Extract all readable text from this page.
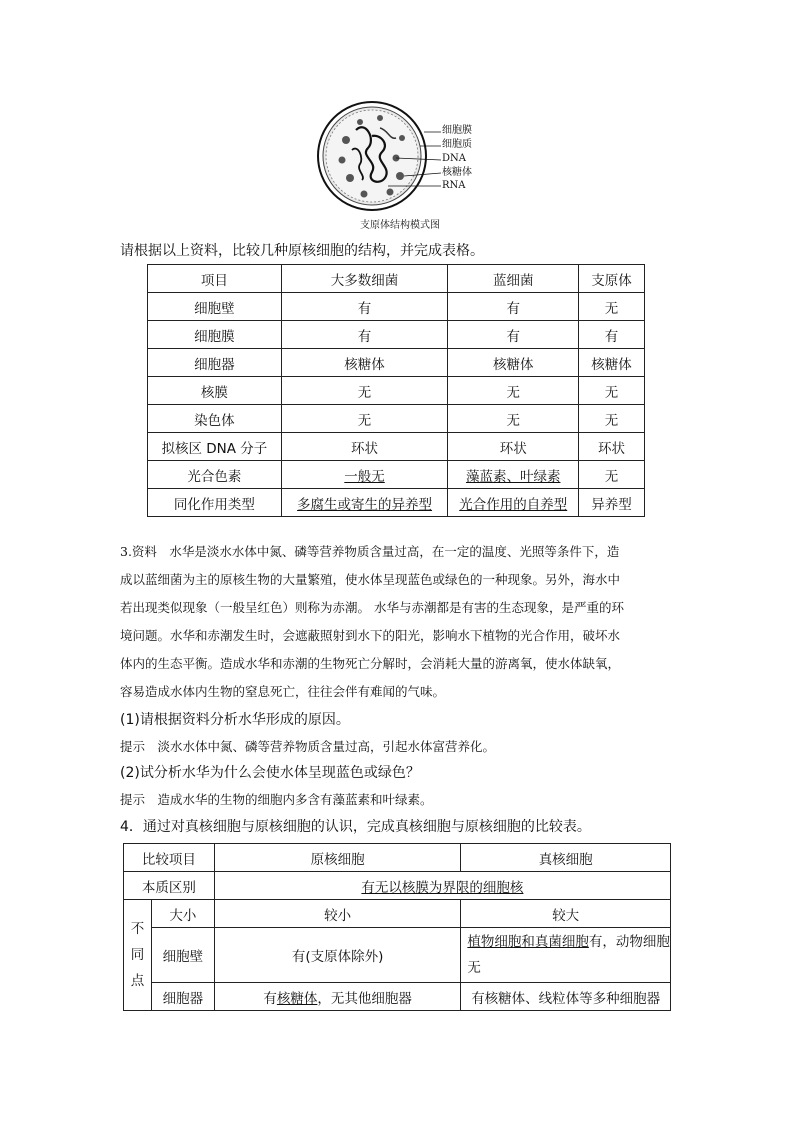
细胞膜
细胞质
DNA
核糖体
RNA
支原体结构模式图
请根据以上资料，比较几种原核细胞的结构，并完成表格。
项目	大多数细菌	蓝细菌	支原体
细胞壁	有	有	无
细胞膜	有	有	有
细胞器	核糖体	核糖体	核糖体
核膜	无	无	无
染色体	无	无	无
拟核区 DNA 分子	环状	环状	环状
光合色素	一般无	藻蓝素、叶绿素	无
同化作用类型	多腐生或寄生的异养型	光合作用的自养型	异养型
3.资料　水华是淡水水体中氮、磷等营养物质含量过高，在一定的温度、光照等条件下，造
成以蓝细菌为主的原核生物的大量繁殖，使水体呈现蓝色或绿色的一种现象。另外，海水中
若出现类似现象（一般呈红色）则称为赤潮。 水华与赤潮都是有害的生态现象，是严重的环
境问题。水华和赤潮发生时，会遮蔽照射到水下的阳光，影响水下植物的光合作用，破坏水
体内的生态平衡。造成水华和赤潮的生物死亡分解时，会消耗大量的游离氧，使水体缺氧，
容易造成水体内生物的窒息死亡，往往会伴有难闻的气味。
(1)请根据资料分析水华形成的原因。
提示　淡水水体中氮、磷等营养物质含量过高，引起水体富营养化。
(2)试分析水华为什么会使水体呈现蓝色或绿色？
提示　造成水华的生物的细胞内多含有藻蓝素和叶绿素。
4．通过对真核细胞与原核细胞的认识，完成真核细胞与原核细胞的比较表。
比较项目		原核细胞	真核细胞
本质区别		有无以核膜为界限的细胞核	

不
同
点	大小	较小	较大
	细胞壁	有(支原体除外)	植物细胞和真菌细胞有，动物细胞无
	细胞器	有核糖体，无其他细胞器	有核糖体、线粒体等多种细胞器
